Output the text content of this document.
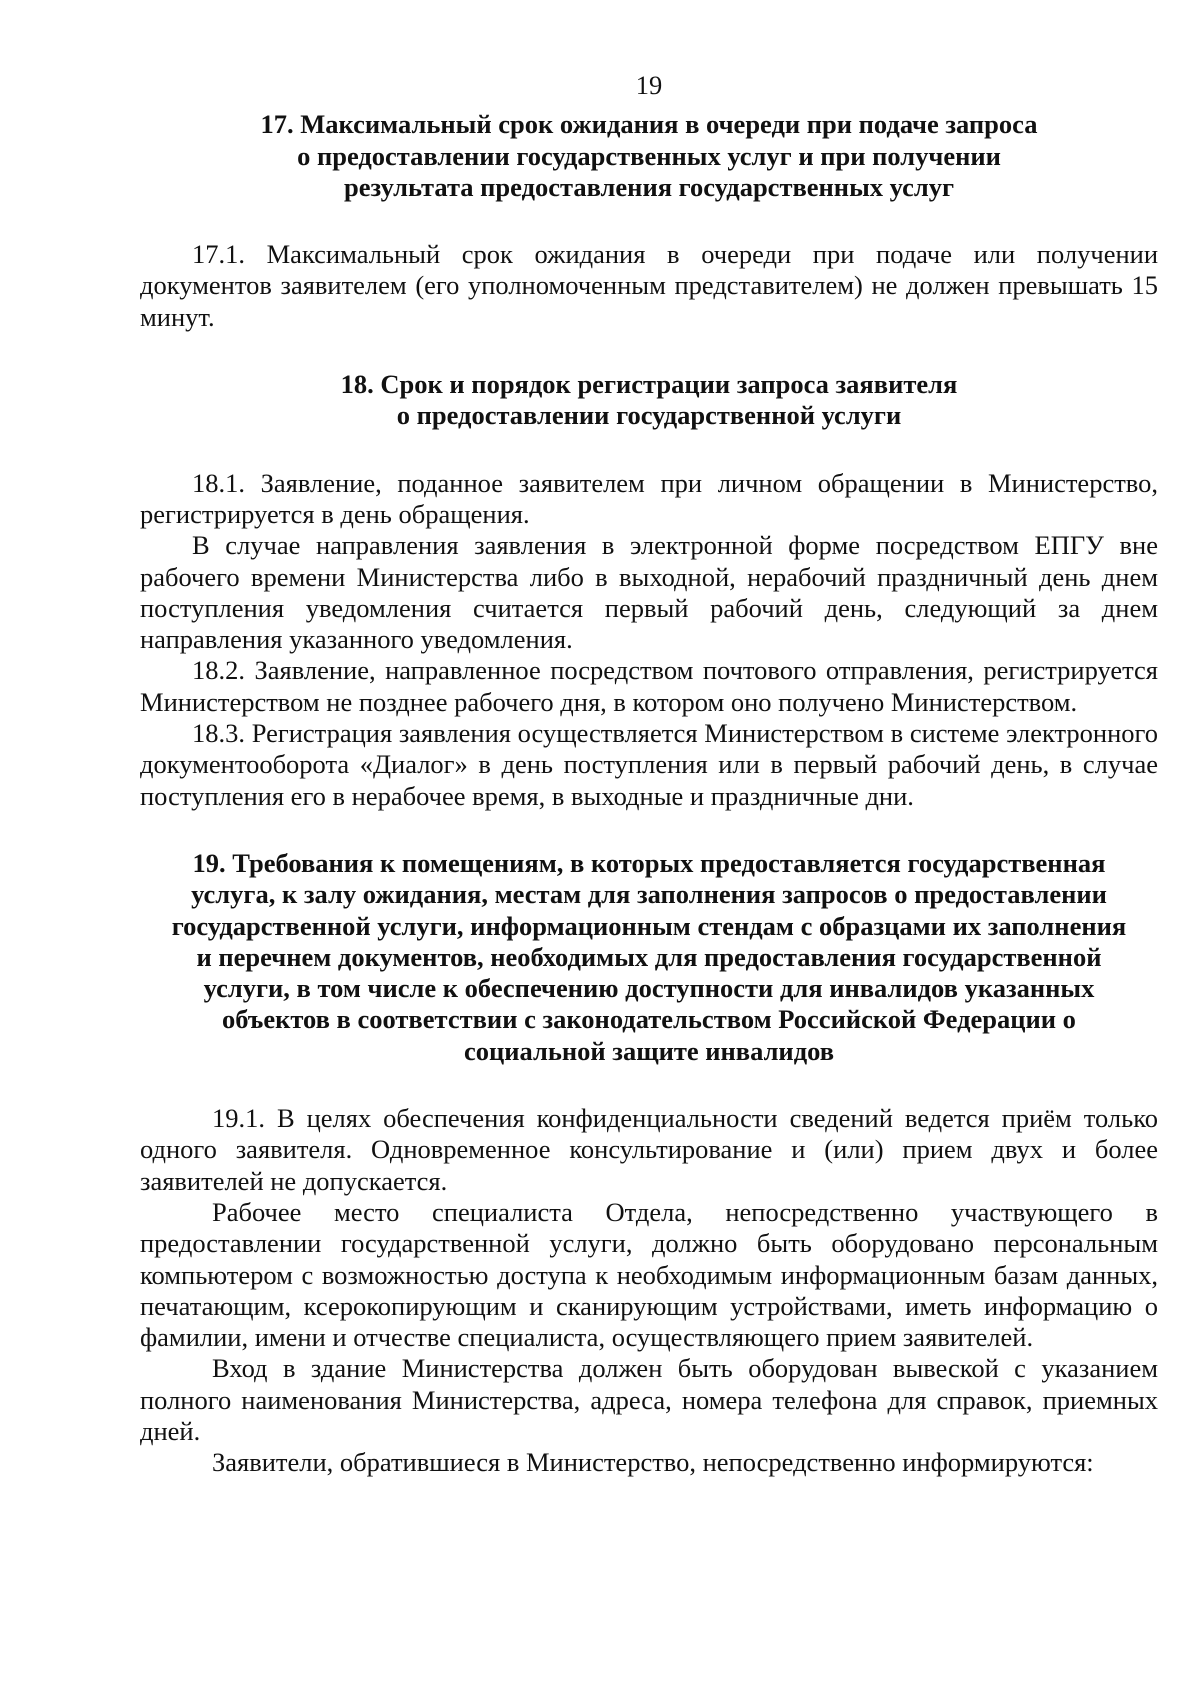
19
17. Максимальный срок ожидания в очереди при подаче запроса
о предоставлении государственных услуг и при получении
результата предоставления государственных услуг

17.1. Максимальный срок ожидания в очереди при подаче или получении документов заявителем (его уполномоченным представителем) не должен превышать 15 минут.

18. Срок и порядок регистрации запроса заявителя
о предоставлении государственной услуги

18.1. Заявление, поданное заявителем при личном обращении в Министерство, регистрируется в день обращения.

В случае направления заявления в электронной форме посредством ЕПГУ вне рабочего времени Министерства либо в выходной, нерабочий праздничный день днем поступления уведомления считается первый рабочий день, следующий за днем направления указанного уведомления.

18.2. Заявление, направленное посредством почтового отправления, регистрируется Министерством не позднее рабочего дня, в котором оно получено Министерством.

18.3. Регистрация заявления осуществляется Министерством в системе электронного документооборота «Диалог» в день поступления или в первый рабочий день, в случае поступления его в нерабочее время, в выходные и праздничные дни.

19. Требования к помещениям, в которых предоставляется государственная
услуга, к залу ожидания, местам для заполнения запросов о предоставлении
государственной услуги, информационным стендам с образцами их заполнения
и перечнем документов, необходимых для предоставления государственной
услуги, в том числе к обеспечению доступности для инвалидов указанных
объектов в соответствии с законодательством Российской Федерации о
социальной защите инвалидов

19.1. В целях обеспечения конфиденциальности сведений ведется приём только одного заявителя. Одновременное консультирование и (или) прием двух и более заявителей не допускается.

Рабочее место специалиста Отдела, непосредственно участвующего в предоставлении государственной услуги, должно быть оборудовано персональным компьютером с возможностью доступа к необходимым информационным базам данных, печатающим, ксерокопирующим и сканирующим устройствами, иметь информацию о фамилии, имени и отчестве специалиста, осуществляющего прием заявителей.

Вход в здание Министерства должен быть оборудован вывеской с указанием полного наименования Министерства, адреса, номера телефона для справок, приемных дней.

Заявители, обратившиеся в Министерство, непосредственно информируются:
